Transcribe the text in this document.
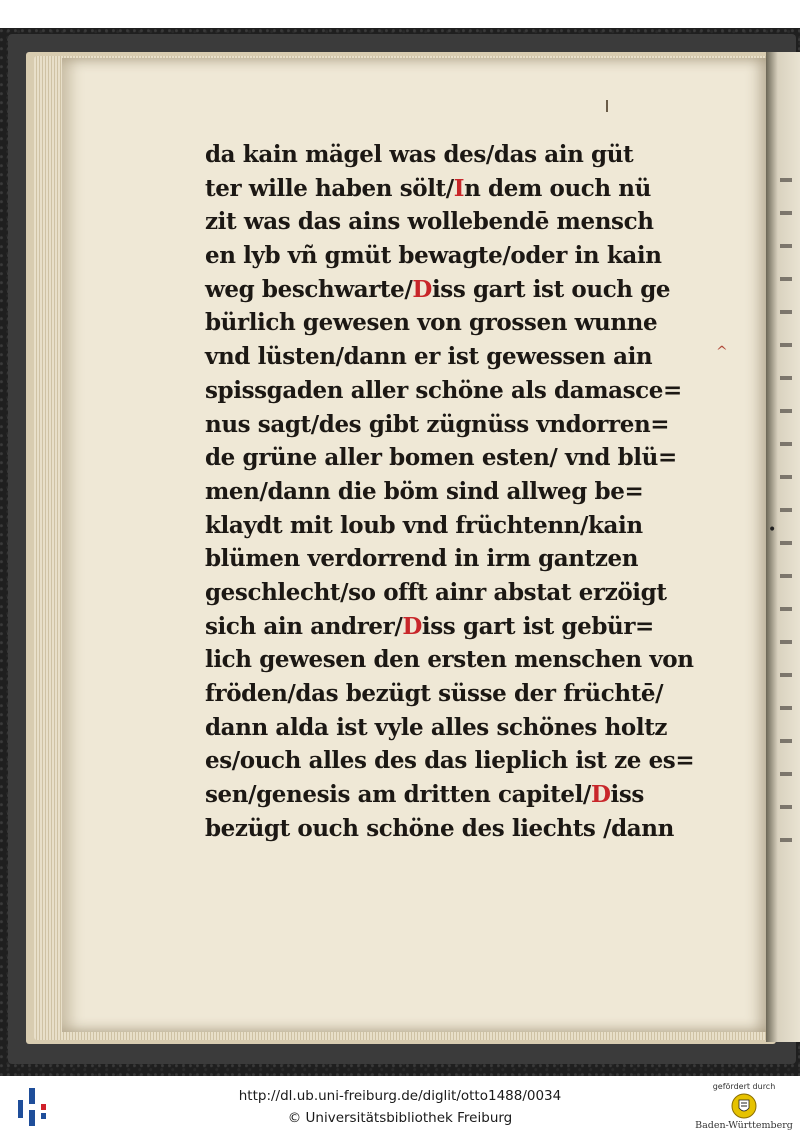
^
•
da kain mägel was des/das ain güt
ter wille haben sölt/In dem ouch nü
zit was das ains wollebendē mensch
en lyb vñ gmüt bewagte/oder in kain
weg beschwarte/Diss gart ist ouch ge
bürlich gewesen von grossen wunne
vnd lüsten/dann er ist gewessen ain
spissgaden aller schöne als damasce=
nus sagt/des gibt zügnüss vndorren=
de grüne aller bomen esten/ vnd blü=
men/dann die böm sind allweg be=
klaydt mit loub vnd früchtenn/kain
blümen verdorrend in irm gantzen
geschlecht/so offt ainr abstat erzöigt
sich ain andrer/Diss gart ist gebür=
lich gewesen den ersten menschen von
fröden/das bezügt süsse der früchtē/
dann alda ist vyle alles schönes holtz
es/ouch alles des das lieplich ist ze es=
sen/genesis am dritten capitel/Diss
bezügt ouch schöne des liechts /dann
http://dl.ub.uni-freiburg.de/diglit/otto1488/0034
© Universitätsbibliothek Freiburg
gefördert durch
Baden-Württemberg
